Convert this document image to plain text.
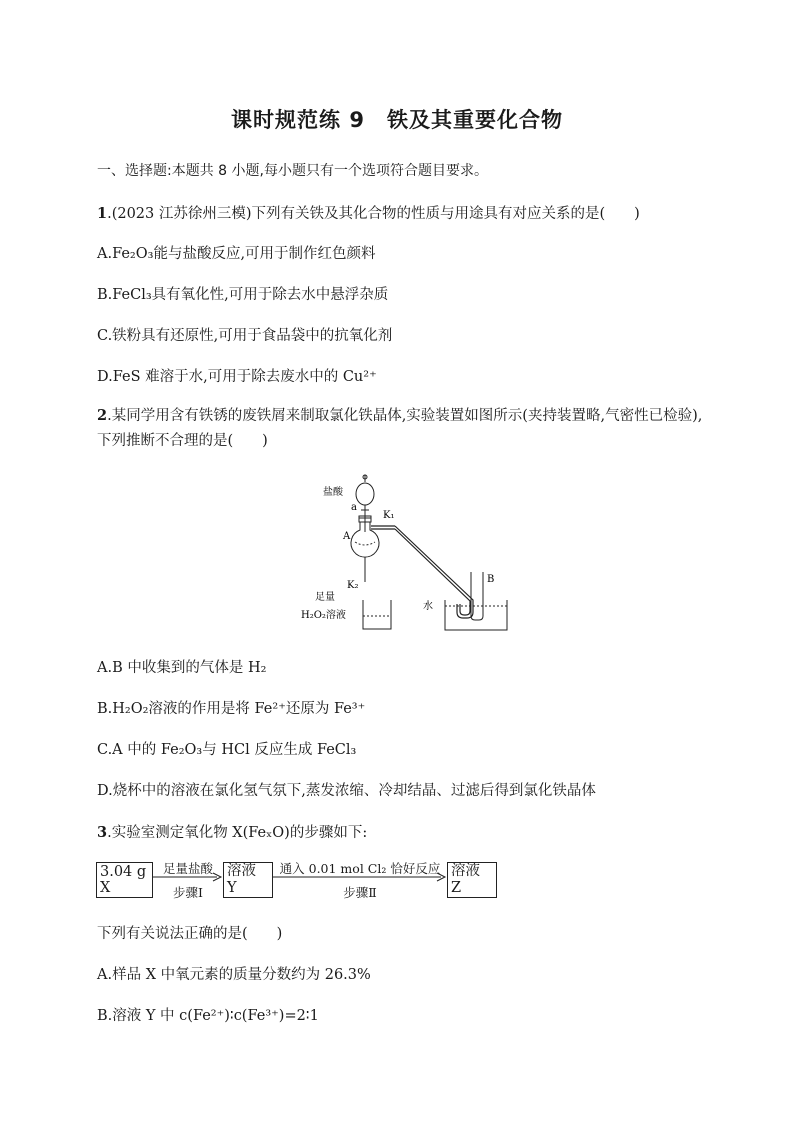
课时规范练 9　铁及其重要化合物
一、选择题:本题共 8 小题,每小题只有一个选项符合题目要求。
1.(2023 江苏徐州三模)下列有关铁及其化合物的性质与用途具有对应关系的是(　　)
A.Fe₂O₃能与盐酸反应,可用于制作红色颜料
B.FeCl₃具有氧化性,可用于除去水中悬浮杂质
C.铁粉具有还原性,可用于食品袋中的抗氧化剂
D.FeS 难溶于水,可用于除去废水中的 Cu²⁺
2.某同学用含有铁锈的废铁屑来制取氯化铁晶体,实验装置如图所示(夹持装置略,气密性已检验),下列推断不合理的是(　　)
盐酸
a
A
K₁
K₂
足量
H₂O₂溶液
水
B
A.B 中收集到的气体是 H₂
B.H₂O₂溶液的作用是将 Fe²⁺还原为 Fe³⁺
C.A 中的 Fe₂O₃与 HCl 反应生成 FeCl₃
D.烧杯中的溶液在氯化氢气氛下,蒸发浓缩、冷却结晶、过滤后得到氯化铁晶体
3.实验室测定氧化物 X(FeₓO)的步骤如下:
3.04 g X
足量盐酸
步骤Ⅰ
溶液 Y
通入 0.01 mol Cl₂ 恰好反应
步骤Ⅱ
溶液 Z
下列有关说法正确的是(　　)
A.样品 X 中氧元素的质量分数约为 26.3%
B.溶液 Y 中 c(Fe²⁺)∶c(Fe³⁺)=2∶1
